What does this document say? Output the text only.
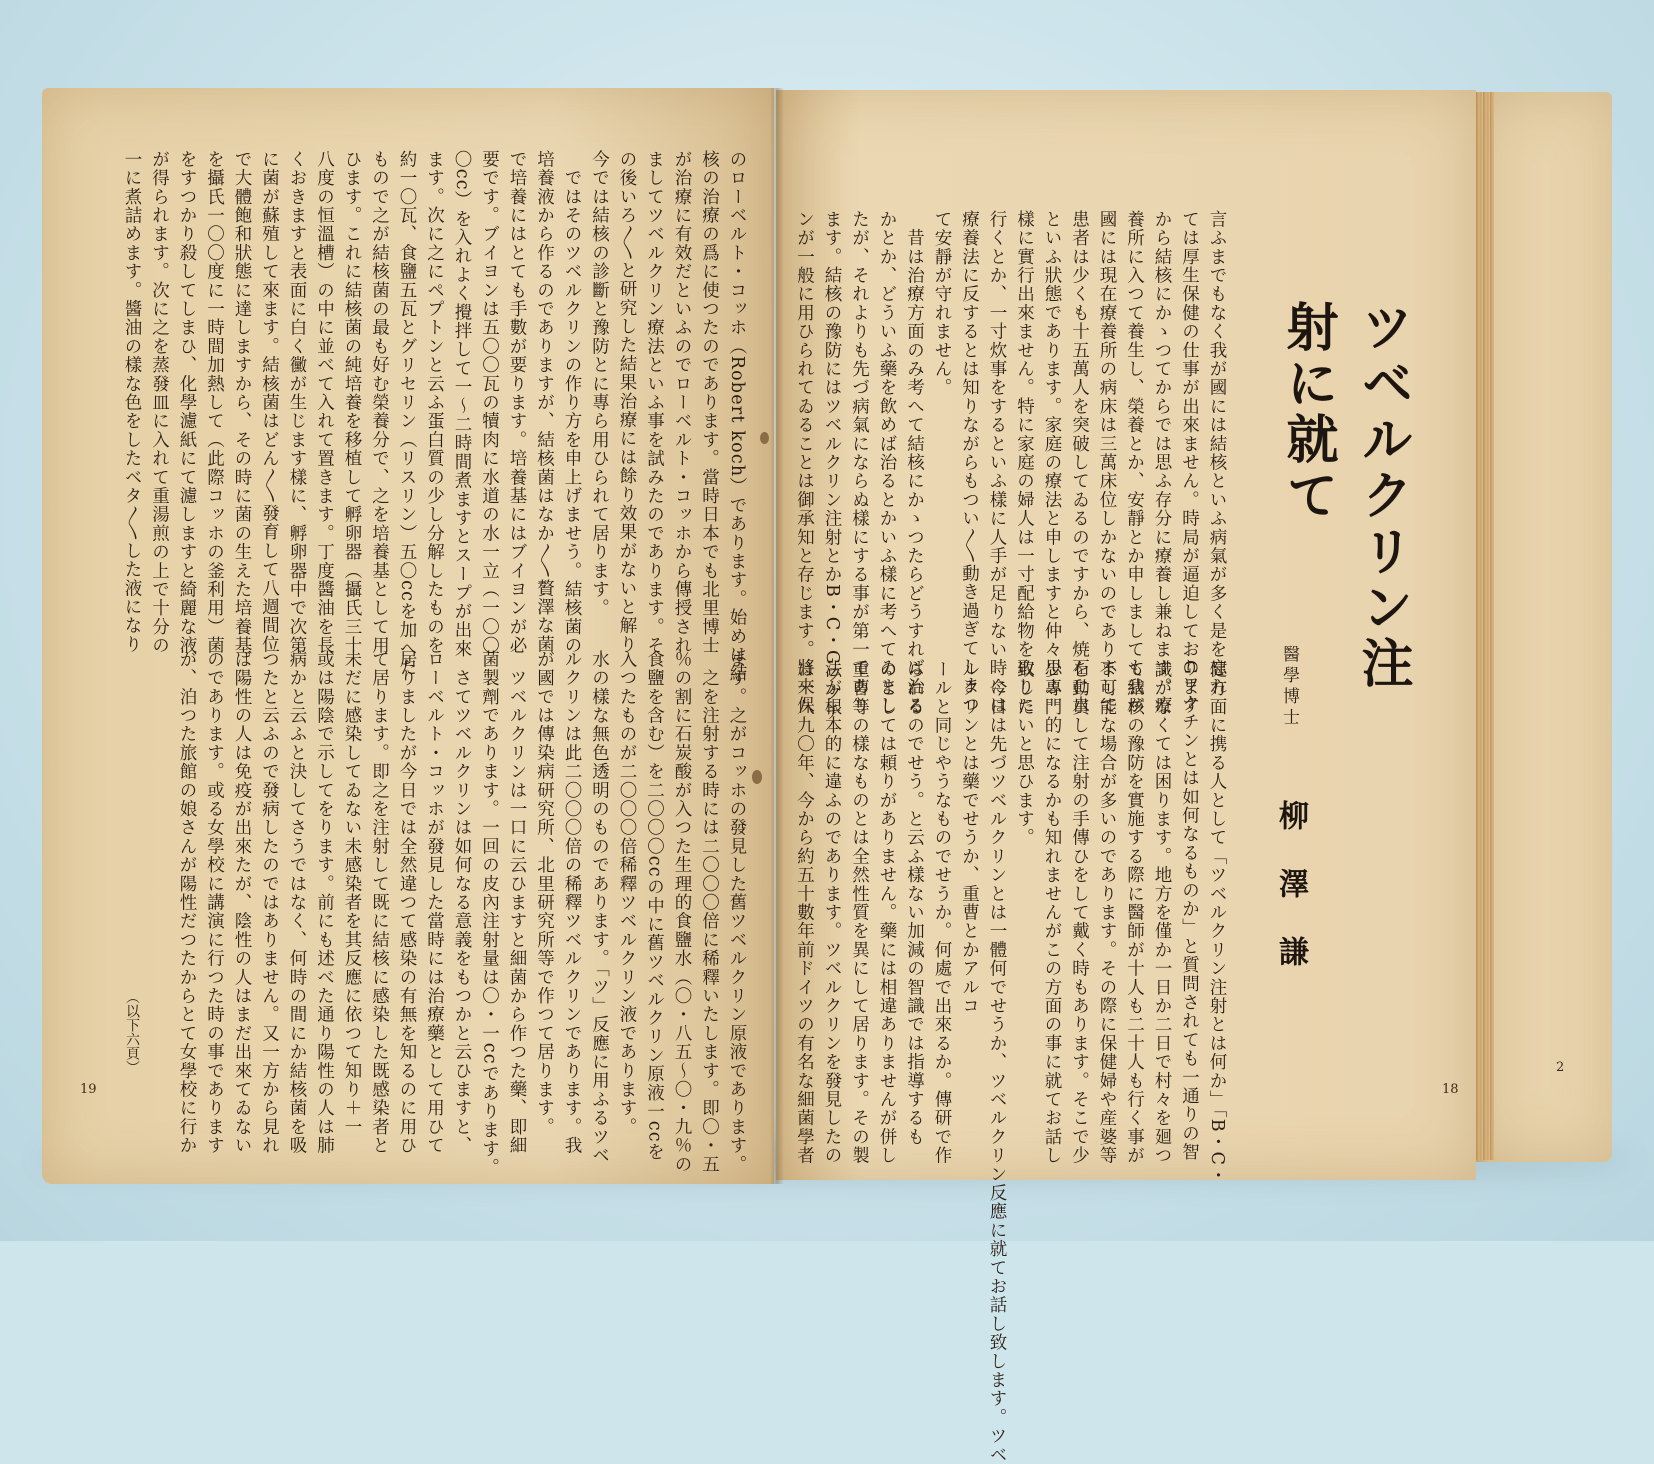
ツベルクリン注射に就て
醫學博士
柳澤謙
言ふまでもなく我が國には結核といふ病氣が多く是を忘れ
ては厚生保健の仕事が出來ません。時局が逼迫しております
から結核にかゝつてからでは思ふ存分に療養し兼ねます。療
養所に入つて養生し、榮養とか、安靜とか申しましても我が
國には現在療養所の病床は三萬床位しかないのでありまして
患者は少くも十五萬人を突破してゐるのですから、焼石に水
といふ狀態であります。家庭の療法と申しますと仲々思ふ
樣に實行出來ません。特に家庭の婦人は一寸配給物を取りに
行くとか、一寸炊事をするといふ樣に人手が足りない時には
療養法に反するとは知りながらもつい〳〵動き過ぎてしまつ
て安靜が守れません。
　昔は治療方面のみ考へて結核にかゝつたらどうすれば治る
かとか、どういふ藥を飲めば治るとかいふ樣に考へてゐまし
たが、それよりも先づ病氣にならぬ樣にする事が第一であり
ます。結核の豫防にはツベルクリン注射とかB・C・Gワクチ
ンが一般に用ひられてゐることは御承知と存じます。將來保
健方面に携る人として「ツベルクリン注射とは何か」「B・C・
Gワクチンとは如何なるものか」と質問されても一通りの智
識がなくては困ります。地方を僅か一日か二日で村々を廻つ
て結核の豫防を實施する際に醫師が十人も二十人も行く事が
不可能な場合が多いのであります。その際に保健婦や産婆等
を動員して注射の手傳ひをして戴く時もあります。そこで少
少專門的になるかも知れませんがこの方面の事に就てお話し
致したいと思ひます。
　今日は先づツベルクリンとは一體何でせうか、ツベルクリン反應に就てお話し致します。ツベ
ルクリンとは藥でせうか、重曹とかアルコ
ールと同じやうなものでせうか。何處で出來るか。傳研で作
られるのでせう。と云ふ樣ない加減の智識では指導するも
のとしては頼りがありません。藥には相違ありませんが併し
重曹等の樣なものとは全然性質を異にして居ります。その製
法が根本的に違ふのであります。ツベルクリンを發見したの
は一八九〇年、今から約五十數年前ドイツの有名な細菌學者
のローベルト・コッホ（Robert koch）であります。始めは結
核の治療の爲に使つたのであります。當時日本でも北里博士
が治療に有效だといふのでローベルト・コッホから傳授され
ましてツベルクリン療法といふ事を試みたのであります。そ
の後いろ〳〵と研究した結果治療には餘り效果がないと解り
今では結核の診斷と豫防とに專ら用ひられて居ります。
　ではそのツベルクリンの作り方を申上げませう。結核菌の
培養液から作るのでありますが、結核菌はなか〳〵贅澤な菌
で培養にはとても手數が要ります。培養基にはブイヨンが必
要です。ブイヨンは五〇〇瓦の犢肉に水道の水一立（一〇〇
〇cc）を入れよく攪拌して一〜二時間煮ますとスープが出來
ます。次に之にペプトンと云ふ蛋白質の少し分解したものを
約一〇瓦、食鹽五瓦とグリセリン（リスリン）五〇ccを加へた
もので之が結核菌の最も好む榮養分で、之を培養基として用
ひます。これに結核菌の純培養を移植して孵卵器（攝氏三十
八度の恒溫槽）の中に並べて入れて置きます。丁度醬油を長
くおきますと表面に白く黴が生じます樣に、孵卵器中で次第
に菌が蘇殖して來ます。結核菌はどん〳〵發育して八週間位
で大體飽和狀態に達しますから、その時に菌の生えた培養基
を攝氏一〇〇度に一時間加熱して（此際コッホの釜利用）菌
をすつかり殺してしまひ、化學濾紙にて濾しますと綺麗な液
が得られます。次に之を蒸發皿に入れて重湯煎の上で十分の
一に煮詰めます。醬油の樣な色をしたベタ〳〵した液になり
ます。之がコッホの發見した舊ツベルクリン原液であります。
　之を注射する時には二〇〇〇倍に稀釋いたします。即〇・五
％の割に石炭酸が入つた生理的食鹽水（〇・八五〜〇・九％の
食鹽を含む）を二〇〇〇ccの中に舊ツベルクリン原液一ccを
入つたものが二〇〇〇倍稀釋ツベルクリン液であります。
水の樣な無色透明のものであります。「ツ」反應に用ふるツベ
ルクリンは此二〇〇〇倍の稀釋ツベルクリンであります。我
が國では傳染病研究所、北里研究所等で作つて居ります。
　ツベルクリンは一口に云ひますと細菌から作つた藥、即細
菌製劑であります。一回の皮內注射量は〇・一ccであります。
　さてツベルクリンは如何なる意義をもつかと云ひますと、
ローベルト・コッホが發見した當時には治療藥として用ひて
居りましたが今日では全然違つて感染の有無を知るのに用ひ
て居ります。即之を注射して既に結核に感染した既感染者と
未だに感染してゐない未感染者を其反應に依つて知り＋一
或は陽陰で示してをります。前にも述べた通り陽性の人は肺
病かと云ふと決してさうではなく、何時の間にか結核菌を吸
つたと云ふので發病したのではありません。又一方から見れ
ば陽性の人は免疫が出來たが、陰性の人はまだ出來てゐない
のであります。或る女學校に講演に行つた時の事であります
が、泊つた旅館の娘さんが陽性だつたからとて女學校に行か
（以下六頁）
19	18
2
